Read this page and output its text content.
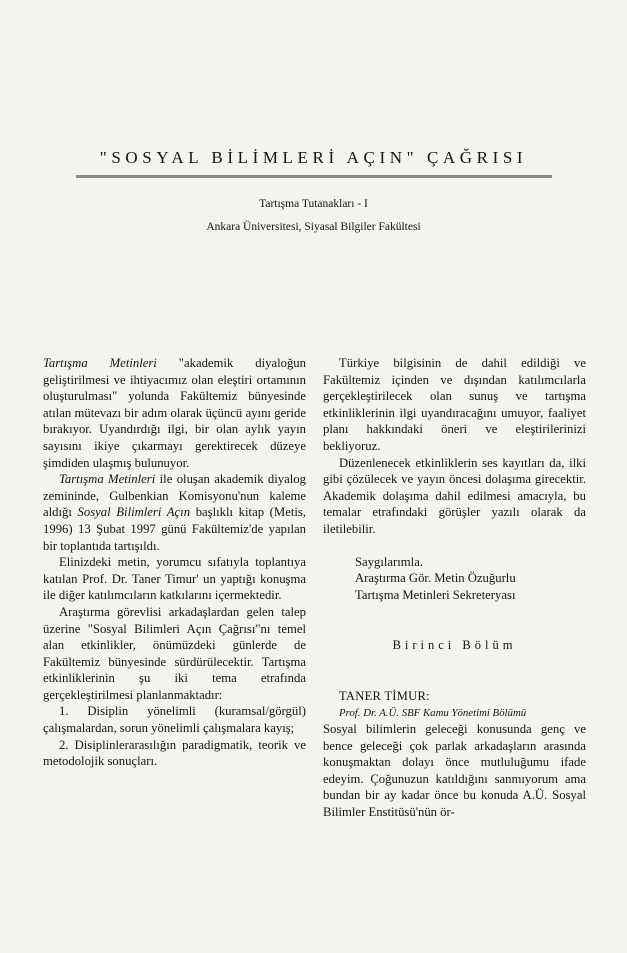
"SOSYAL BİLİMLERİ AÇIN" ÇAĞRISI
Tartışma Tutanakları - I
Ankara Üniversitesi, Siyasal Bilgiler Fakültesi

Tartışma Metinleri "akademik diyaloğun geliştirilmesi ve ihtiyacımız olan eleştiri ortamının oluşturulması" yolunda Fakültemiz bünyesinde atılan mütevazı bir adım olarak üçüncü ayını geride bırakıyor. Uyandırdığı ilgi, bir olan aylık yayın sayısını ikiye çıkarmayı gerektirecek düzeye şimdiden ulaşmış bulunuyor.

Tartışma Metinleri ile oluşan akademik diyalog zemininde, Gulbenkian Komisyonu'nun kaleme aldığı Sosyal Bilimleri Açın başlıklı kitap (Metis, 1996) 13 Şubat 1997 günü Fakültemiz'de yapılan bir toplantıda tartışıldı.

Elinizdeki metin, yorumcu sıfatıyla toplantıya katılan Prof. Dr. Taner Timur' un yaptığı konuşma ile diğer katılımcıların katkılarını içermektedir.

Araştırma görevlisi arkadaşlardan gelen talep üzerine "Sosyal Bilimleri Açın Çağrısı"nı temel alan etkinlikler, önümüzdeki günlerde de Fakültemiz bünyesinde sürdürülecektir. Tartışma etkinliklerinin şu iki tema etrafında gerçekleştirilmesi planlanmaktadır:

1. Disiplin yönelimli (kuramsal/görgül) çalışmalardan, sorun yönelimli çalışmalara kayış;

2. Disiplinlerarasılığın paradigmatik, teorik ve metodolojik sonuçları.

Türkiye bilgisinin de dahil edildiği ve Fakültemiz içinden ve dışından katılımcılarla gerçekleştirilecek olan sunuş ve tartışma etkinliklerinin ilgi uyandıracağını umuyor, faaliyet planı hakkındaki öneri ve eleştirilerinizi bekliyoruz.

Düzenlenecek etkinliklerin ses kayıtları da, ilki gibi çözülecek ve yayın öncesi dolaşıma girecektir. Akademik dolaşıma dahil edilmesi amacıyla, bu temalar etrafındaki görüşler yazılı olarak da iletilebilir.

Saygılarımla.

Araştırma Gör. Metin Özuğurlu

Tartışma Metinleri Sekreteryası

Birinci Bölüm

TANER TİMUR:

Prof. Dr. A.Ü. SBF Kamu Yönetimi Bölümü

Sosyal bilimlerin geleceği konusunda genç ve bence geleceği çok parlak arkadaşların arasında konuşmaktan dolayı önce mutluluğumu ifade edeyim. Çoğunuzun katıldığını sanmıyorum ama bundan bir ay kadar önce bu konuda A.Ü. Sosyal Bilimler Enstitüsü'nün ör-
